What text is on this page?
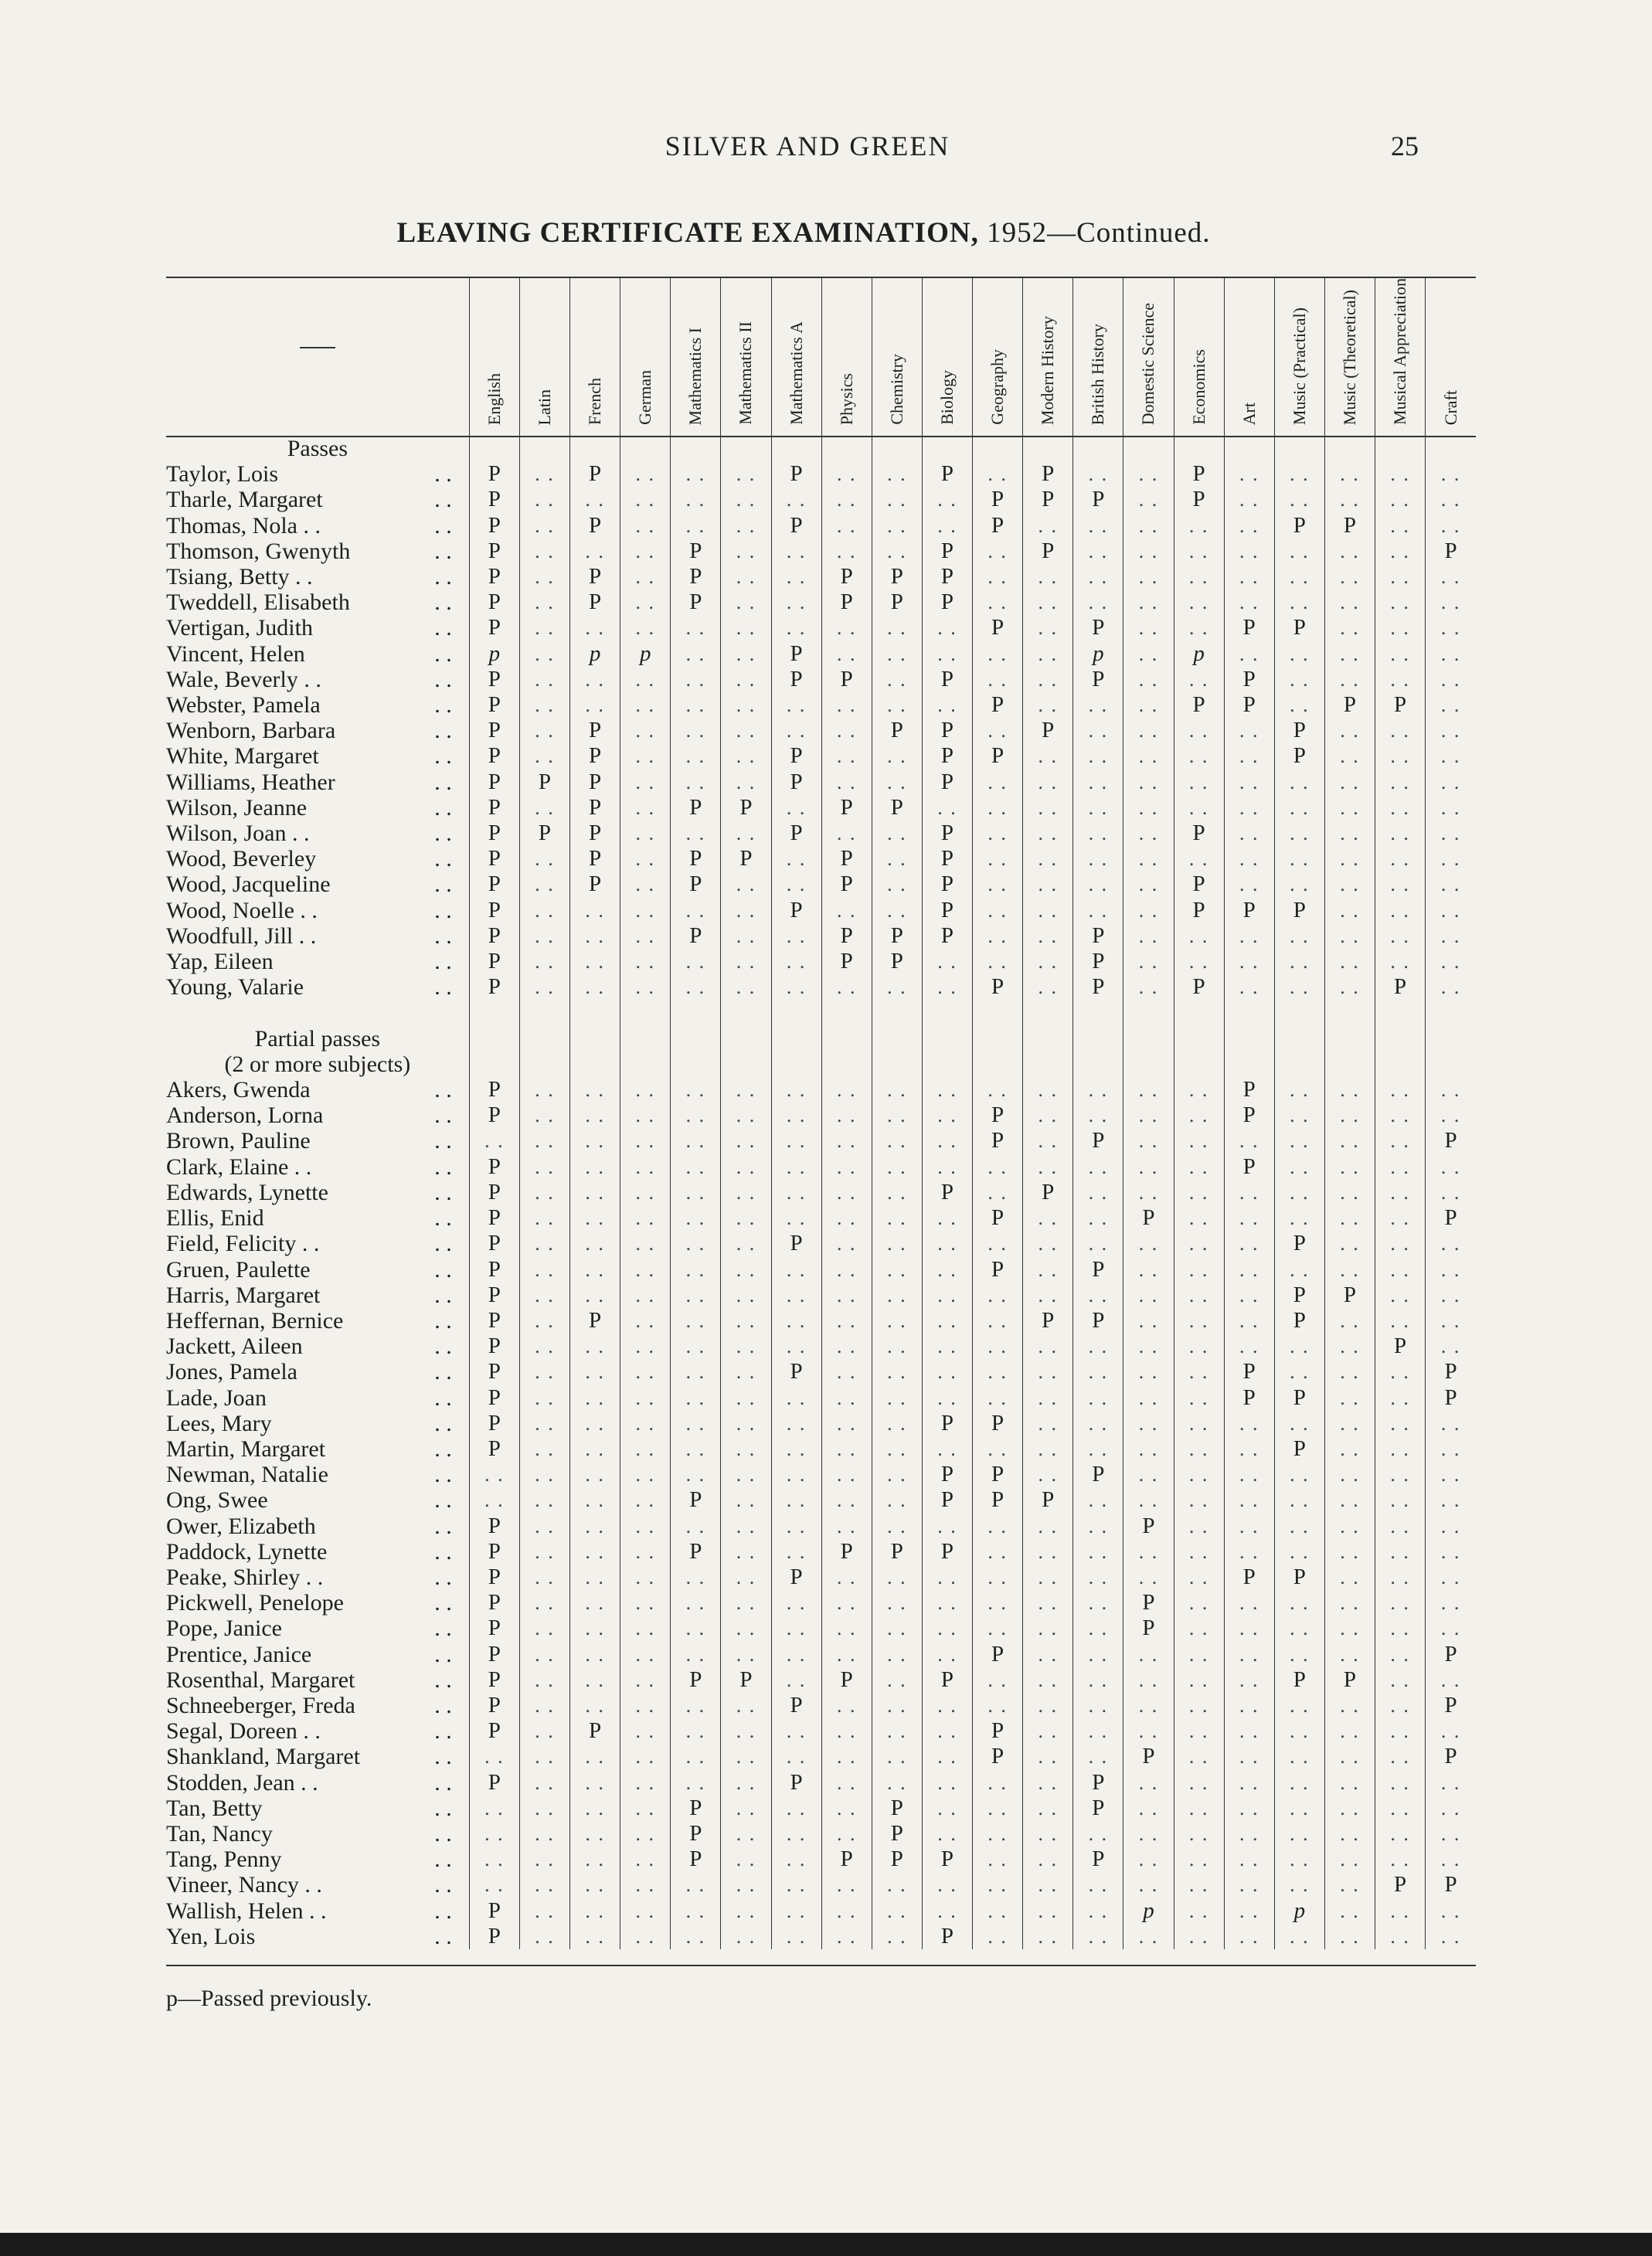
SILVER AND GREEN	25
LEAVING CERTIFICATE EXAMINATION, 1952—Continued.

	English	Latin	French	German	Mathematics I	Mathematics II	Mathematics A	Physics	Chemistry	Biology	Geography	Modern History	British History	Domestic Science	Economics	Art	Music (Practical)	Music (Theoretical)	Musical Appreciation	Craft

Passes																				
Taylor, Lois . .	P	. .	P	. .	. .	. .	P	. .	. .	P	. .	P	. .	. .	P	. .	. .	. .	. .	. .
Tharle, Margaret . .	P	. .	. .	. .	. .	. .	. .	. .	. .	. .	P	P	P	. .	P	. .	. .	. .	. .	. .
Thomas, Nola . . . .	P	. .	P	. .	. .	. .	P	. .	. .	. .	P	. .	. .	. .	. .	. .	P	P	. .	. .
Thomson, Gwenyth . .	P	. .	. .	. .	P	. .	. .	. .	. .	P	. .	P	. .	. .	. .	. .	. .	. .	. .	P
Tsiang, Betty . . . .	P	. .	P	. .	P	. .	. .	P	P	P	. .	. .	. .	. .	. .	. .	. .	. .	. .	. .
Tweddell, Elisabeth . .	P	. .	P	. .	P	. .	. .	P	P	P	. .	. .	. .	. .	. .	. .	. .	. .	. .	. .
Vertigan, Judith . .	P	. .	. .	. .	. .	. .	. .	. .	. .	. .	P	. .	P	. .	. .	P	P	. .	. .	. .
Vincent, Helen . .	p	. .	p	p	. .	. .	P	. .	. .	. .	. .	. .	p	. .	p	. .	. .	. .	. .	. .
Wale, Beverly . . . .	P	. .	. .	. .	. .	. .	P	P	. .	P	. .	. .	P	. .	. .	P	. .	. .	. .	. .
Webster, Pamela . .	P	. .	. .	. .	. .	. .	. .	. .	. .	. .	P	. .	. .	. .	P	P	. .	P	P	. .
Wenborn, Barbara . .	P	. .	P	. .	. .	. .	. .	. .	P	P	. .	P	. .	. .	. .	. .	P	. .	. .	. .
White, Margaret . .	P	. .	P	. .	. .	. .	P	. .	. .	P	P	. .	. .	. .	. .	. .	P	. .	. .	. .
Williams, Heather . .	P	P	P	. .	. .	. .	P	. .	. .	P	. .	. .	. .	. .	. .	. .	. .	. .	. .	. .
Wilson, Jeanne . .	P	. .	P	. .	P	P	. .	P	P	. .	. .	. .	. .	. .	. .	. .	. .	. .	. .	. .
Wilson, Joan . . . .	P	P	P	. .	. .	. .	P	. .	. .	P	. .	. .	. .	. .	P	. .	. .	. .	. .	. .
Wood, Beverley . .	P	. .	P	. .	P	P	. .	P	. .	P	. .	. .	. .	. .	. .	. .	. .	. .	. .	. .
Wood, Jacqueline . .	P	. .	P	. .	P	. .	. .	P	. .	P	. .	. .	. .	. .	P	. .	. .	. .	. .	. .
Wood, Noelle . . . .	P	. .	. .	. .	. .	. .	P	. .	. .	P	. .	. .	. .	. .	P	P	P	. .	. .	. .
Woodfull, Jill . . . .	P	. .	. .	. .	P	. .	. .	P	P	P	. .	. .	P	. .	. .	. .	. .	. .	. .	. .
Yap, Eileen . .	P	. .	. .	. .	. .	. .	. .	P	P	. .	. .	. .	P	. .	. .	. .	. .	. .	. .	. .
Young, Valarie . .	P	. .	. .	. .	. .	. .	. .	. .	. .	. .	P	. .	P	. .	P	. .	. .	. .	P	. .

Partial passes																				
(2 or more subjects)																				
Akers, Gwenda . .	P	. .	. .	. .	. .	. .	. .	. .	. .	. .	. .	. .	. .	. .	. .	P	. .	. .	. .	. .
Anderson, Lorna . .	P	. .	. .	. .	. .	. .	. .	. .	. .	. .	P	. .	. .	. .	. .	P	. .	. .	. .	. .
Brown, Pauline . .	. .	. .	. .	. .	. .	. .	. .	. .	. .	. .	P	. .	P	. .	. .	. .	. .	. .	. .	P
Clark, Elaine . . . .	P	. .	. .	. .	. .	. .	. .	. .	. .	. .	. .	. .	. .	. .	. .	P	. .	. .	. .	. .
Edwards, Lynette . .	P	. .	. .	. .	. .	. .	. .	. .	. .	P	. .	P	. .	. .	. .	. .	. .	. .	. .	. .
Ellis, Enid . .	P	. .	. .	. .	. .	. .	. .	. .	. .	. .	P	. .	. .	P	. .	. .	. .	. .	. .	P
Field, Felicity . . . .	P	. .	. .	. .	. .	. .	P	. .	. .	. .	. .	. .	. .	. .	. .	. .	P	. .	. .	. .
Gruen, Paulette . .	P	. .	. .	. .	. .	. .	. .	. .	. .	. .	P	. .	P	. .	. .	. .	. .	. .	. .	. .
Harris, Margaret . .	P	. .	. .	. .	. .	. .	. .	. .	. .	. .	. .	. .	. .	. .	. .	. .	P	P	. .	. .
Heffernan, Bernice . .	P	. .	P	. .	. .	. .	. .	. .	. .	. .	. .	P	P	. .	. .	. .	P	. .	. .	. .
Jackett, Aileen . .	P	. .	. .	. .	. .	. .	. .	. .	. .	. .	. .	. .	. .	. .	. .	. .	. .	. .	P	. .
Jones, Pamela . .	P	. .	. .	. .	. .	. .	P	. .	. .	. .	. .	. .	. .	. .	. .	P	. .	. .	. .	P
Lade, Joan . .	P	. .	. .	. .	. .	. .	. .	. .	. .	. .	. .	. .	. .	. .	. .	P	P	. .	. .	P
Lees, Mary . .	P	. .	. .	. .	. .	. .	. .	. .	. .	P	P	. .	. .	. .	. .	. .	. .	. .	. .	. .
Martin, Margaret . .	P	. .	. .	. .	. .	. .	. .	. .	. .	. .	. .	. .	. .	. .	. .	. .	P	. .	. .	. .
Newman, Natalie . .	. .	. .	. .	. .	. .	. .	. .	. .	. .	P	P	. .	P	. .	. .	. .	. .	. .	. .	. .
Ong, Swee . .	. .	. .	. .	. .	P	. .	. .	. .	. .	P	P	P	. .	. .	. .	. .	. .	. .	. .	. .
Ower, Elizabeth . .	P	. .	. .	. .	. .	. .	. .	. .	. .	. .	. .	. .	. .	P	. .	. .	. .	. .	. .	. .
Paddock, Lynette . .	P	. .	. .	. .	P	. .	. .	P	P	P	. .	. .	. .	. .	. .	. .	. .	. .	. .	. .
Peake, Shirley . . . .	P	. .	. .	. .	. .	. .	P	. .	. .	. .	. .	. .	. .	. .	. .	P	P	. .	. .	. .
Pickwell, Penelope . .	P	. .	. .	. .	. .	. .	. .	. .	. .	. .	. .	. .	. .	P	. .	. .	. .	. .	. .	. .
Pope, Janice . .	P	. .	. .	. .	. .	. .	. .	. .	. .	. .	. .	. .	. .	P	. .	. .	. .	. .	. .	. .
Prentice, Janice . .	P	. .	. .	. .	. .	. .	. .	. .	. .	. .	P	. .	. .	. .	. .	. .	. .	. .	. .	P
Rosenthal, Margaret . .	P	. .	. .	. .	P	P	. .	P	. .	P	. .	. .	. .	. .	. .	. .	P	P	. .	. .
Schneeberger, Freda . .	P	. .	. .	. .	. .	. .	P	. .	. .	. .	. .	. .	. .	. .	. .	. .	. .	. .	. .	P
Segal, Doreen . . . .	P	. .	P	. .	. .	. .	. .	. .	. .	. .	P	. .	. .	. .	. .	. .	. .	. .	. .	. .
Shankland, Margaret . .	. .	. .	. .	. .	. .	. .	. .	. .	. .	. .	P	. .	. .	P	. .	. .	. .	. .	. .	P
Stodden, Jean . . . .	P	. .	. .	. .	. .	. .	P	. .	. .	. .	. .	. .	P	. .	. .	. .	. .	. .	. .	. .
Tan, Betty . .	. .	. .	. .	. .	P	. .	. .	. .	P	. .	. .	. .	P	. .	. .	. .	. .	. .	. .	. .
Tan, Nancy . .	. .	. .	. .	. .	P	. .	. .	. .	P	. .	. .	. .	. .	. .	. .	. .	. .	. .	. .	. .
Tang, Penny . .	. .	. .	. .	. .	P	. .	. .	P	P	P	. .	. .	P	. .	. .	. .	. .	. .	. .	. .
Vineer, Nancy . . . .	. .	. .	. .	. .	. .	. .	. .	. .	. .	. .	. .	. .	. .	. .	. .	. .	. .	. .	P	P
Wallish, Helen . . . .	P	. .	. .	. .	. .	. .	. .	. .	. .	. .	. .	. .	. .	p	. .	. .	p	. .	. .	. .
Yen, Lois . .	P	. .	. .	. .	. .	. .	. .	. .	. .	P	. .	. .	. .	. .	. .	. .	. .	. .	. .	. .
p—Passed previously.
